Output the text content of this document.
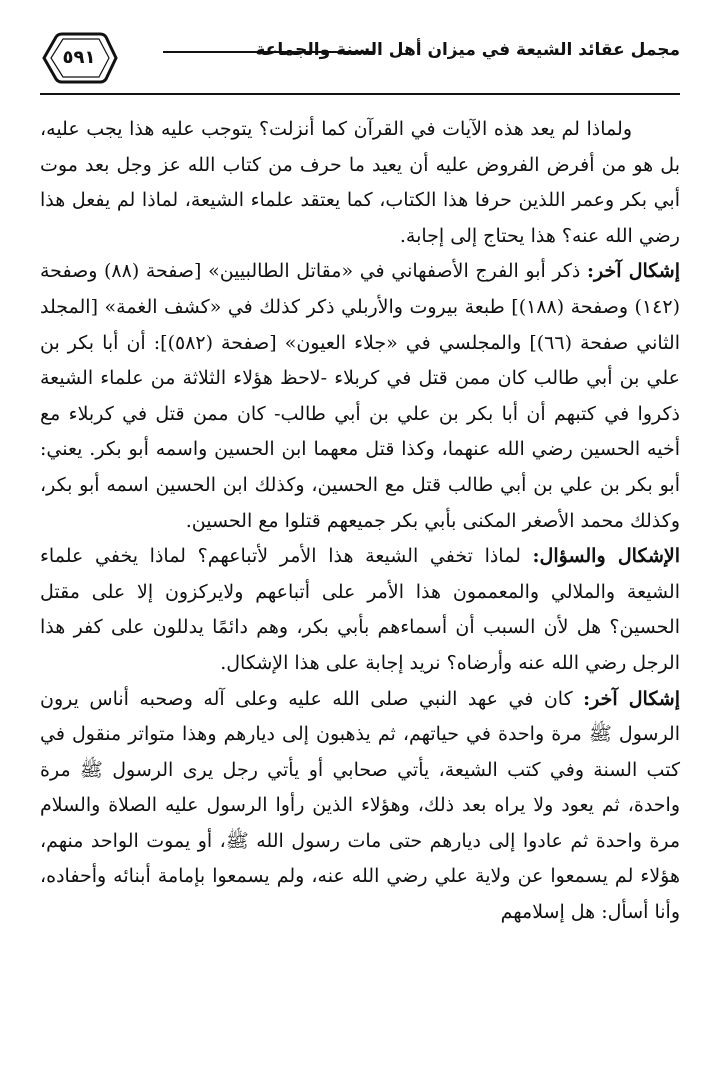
مجمل عقائد الشيعة في ميزان أهل السنة والجماعة
٥٩١

ولماذا لم يعد هذه الآيات في القرآن كما أنزلت؟ يتوجب عليه هذا يجب عليه، بل هو من أفرض الفروض عليه أن يعيد ما حرف من كتاب الله عز وجل بعد موت أبي بكر وعمر اللذين حرفا هذا الكتاب، كما يعتقد علماء الشيعة، لماذا لم يفعل هذا رضي الله عنه؟ هذا يحتاج إلى إجابة.

إشكال آخر: ذكر أبو الفرج الأصفهاني في «مقاتل الطالبيين» [صفحة (٨٨) وصفحة (١٤٢) وصفحة (١٨٨)] طبعة بيروت والأربلي ذكر كذلك في «كشف الغمة» [المجلد الثاني صفحة (٦٦)] والمجلسي في «جلاء العيون» [صفحة (٥٨٢)]: أن أبا بكر بن علي بن أبي طالب كان ممن قتل في كربلاء -لاحظ هؤلاء الثلاثة من علماء الشيعة ذكروا في كتبهم أن أبا بكر بن علي بن أبي طالب- كان ممن قتل في كربلاء مع أخيه الحسين رضي الله عنهما، وكذا قتل معهما ابن الحسين واسمه أبو بكر. يعني: أبو بكر بن علي بن أبي طالب قتل مع الحسين، وكذلك ابن الحسين اسمه أبو بكر، وكذلك محمد الأصغر المكنى بأبي بكر جميعهم قتلوا مع الحسين.

الإشكال والسؤال: لماذا تخفي الشيعة هذا الأمر لأتباعهم؟ لماذا يخفي علماء الشيعة والملالي والمعممون هذا الأمر على أتباعهم ولايركزون إلا على مقتل الحسين؟ هل لأن السبب أن أسماءهم بأبي بكر، وهم دائمًا يدللون على كفر هذا الرجل رضي الله عنه وأرضاه؟ نريد إجابة على هذا الإشكال.

إشكال آخر: كان في عهد النبي صلى الله عليه وعلى آله وصحبه أناس يرون الرسول ﷺ مرة واحدة في حياتهم، ثم يذهبون إلى ديارهم وهذا متواتر منقول في كتب السنة وفي كتب الشيعة، يأتي صحابي أو يأتي رجل يرى الرسول ﷺ مرة واحدة، ثم يعود ولا يراه بعد ذلك، وهؤلاء الذين رأوا الرسول عليه الصلاة والسلام مرة واحدة ثم عادوا إلى ديارهم حتى مات رسول الله ﷺ، أو يموت الواحد منهم، هؤلاء لم يسمعوا عن ولاية علي رضي الله عنه، ولم يسمعوا بإمامة أبنائه وأحفاده، وأنا أسأل: هل إسلامهم
